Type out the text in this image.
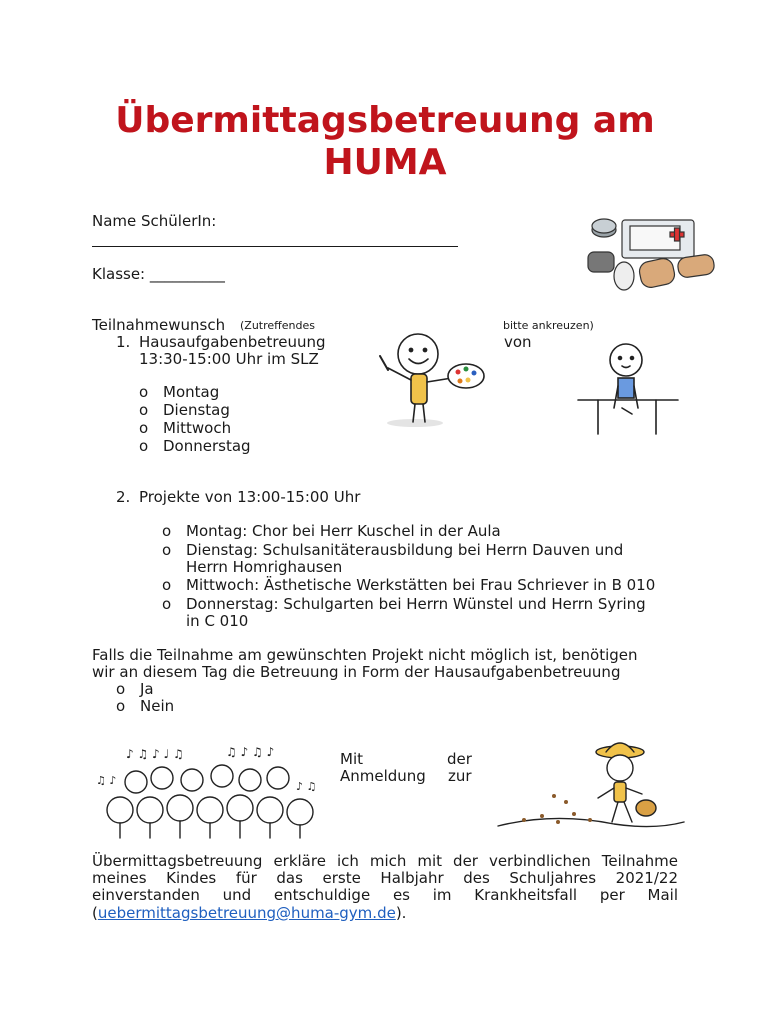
Übermittagsbetreuung am
HUMA
Name SchülerIn:
Klasse: __________
Teilnahmewunsch (Zutreffendes	bitte ankreuzen)
1. Hausaufgabenbetreuung	von
13:30-15:00 Uhr im SLZ
o Montag
o Dienstag
o Mittwoch
o Donnerstag
2. Projekte von 13:00-15:00 Uhr
o Montag: Chor bei Herr Kuschel in der Aula
o Dienstag: Schulsanitäterausbildung bei Herrn Dauven und
Herrn Homrighausen
o Mittwoch: Ästhetische Werkstätten bei Frau Schriever in B 010
o Donnerstag: Schulgarten bei Herrn Wünstel und Herrn Syring
in C 010
Falls die Teilnahme am gewünschten Projekt nicht möglich ist, benötigen
wir an diesem Tag die Betreuung in Form der Hausaufgabenbetreuung
o Ja
o Nein
Mit	der
Anmeldung zur
Übermittagsbetreuung erkläre ich mich mit der verbindlichen Teilnahme
meines Kindes für das erste Halbjahr des Schuljahres 2021/22
einverstanden und entschuldige es im Krankheitsfall per Mail
(uebermittagsbetreuung@huma-gym.de).
♪ ♫ ♪ ♩ ♫	♫ ♪ ♫ ♪
♫ ♪	♪ ♫
